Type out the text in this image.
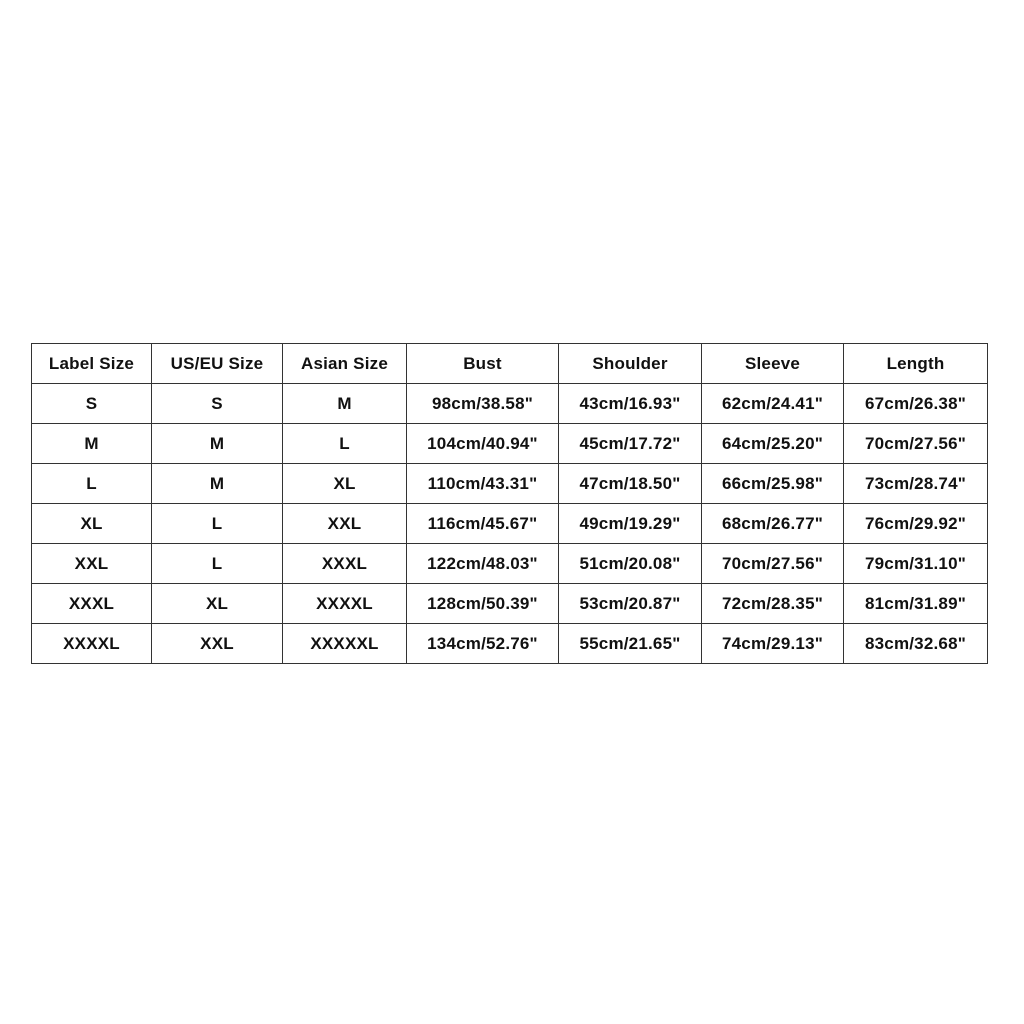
Label Size	US/EU Size	Asian Size	Bust	Shoulder	Sleeve	Length
S	S	M	98cm/38.58"	43cm/16.93"	62cm/24.41"	67cm/26.38"
M	M	L	104cm/40.94"	45cm/17.72"	64cm/25.20"	70cm/27.56"
L	M	XL	110cm/43.31"	47cm/18.50"	66cm/25.98"	73cm/28.74"
XL	L	XXL	116cm/45.67"	49cm/19.29"	68cm/26.77"	76cm/29.92"
XXL	L	XXXL	122cm/48.03"	51cm/20.08"	70cm/27.56"	79cm/31.10"
XXXL	XL	XXXXL	128cm/50.39"	53cm/20.87"	72cm/28.35"	81cm/31.89"
XXXXL	XXL	XXXXXL	134cm/52.76"	55cm/21.65"	74cm/29.13"	83cm/32.68"
